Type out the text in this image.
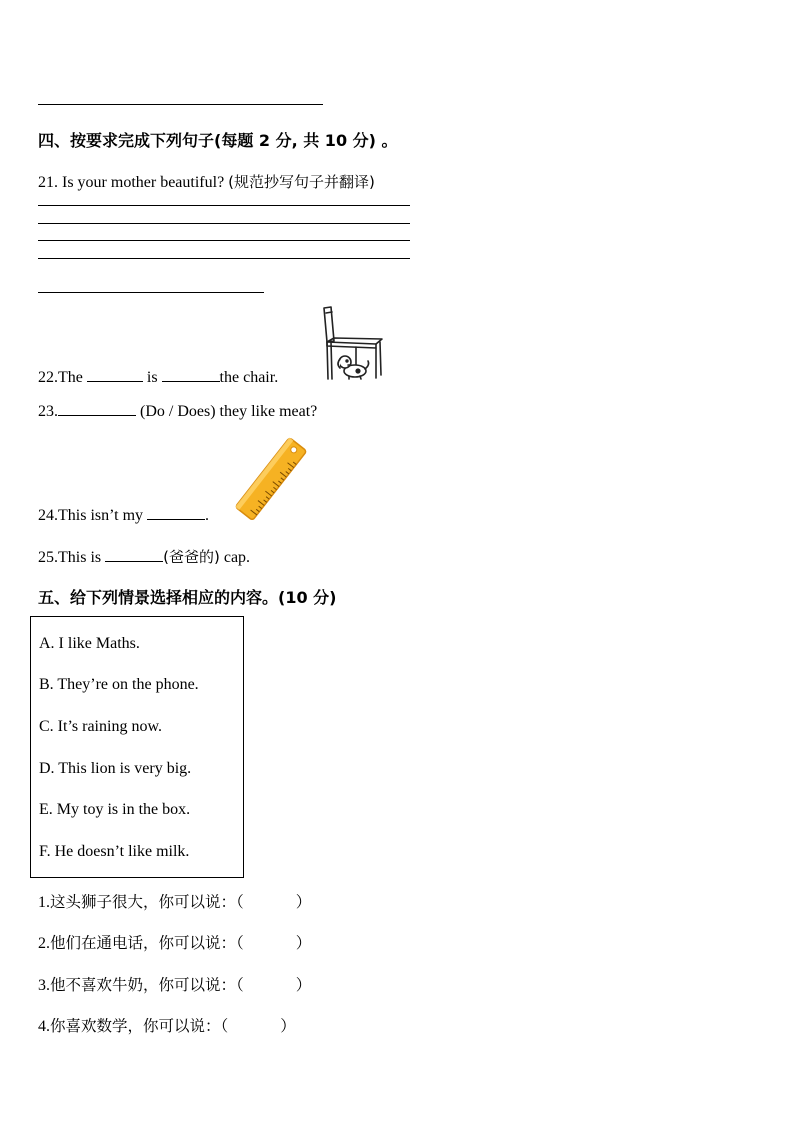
四、按要求完成下列句子(每题 2 分, 共 10 分) 。
21. Is your mother beautiful? (规范抄写句子并翻译)
22.The	is	the chair.
23.	(Do / Does) they like meat?
24.This isn’t my	.
25.This is	(爸爸的) cap.
五、给下列情景选择相应的内容。(10 分)
A. I like Maths.
B. They’re on the phone.
C. It’s raining now.
D. This lion is very big.
E. My toy is in the box.
F. He doesn’t like milk.
1.这头狮子很大，你可以说：（	）
2.他们在通电话，你可以说：（	）
3.他不喜欢牛奶，你可以说：（	）
4.你喜欢数学，你可以说：（	）
